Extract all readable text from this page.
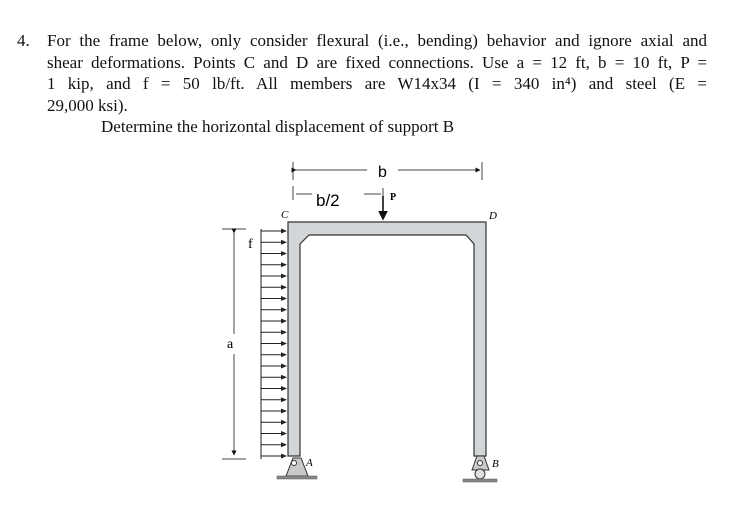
4. For the frame below, only consider flexural (i.e., bending) behavior and ignore axial and
shear deformations. Points C and D are fixed connections. Use a = 12 ft, b = 10 ft, P =
1 kip, and f = 50 lb/ft. All members are W14x34 (I = 340 in⁴) and steel (E =
29,000 ksi).
Determine the horizontal displacement of support B
b
b/2	P
C	D
f
a
A	B
